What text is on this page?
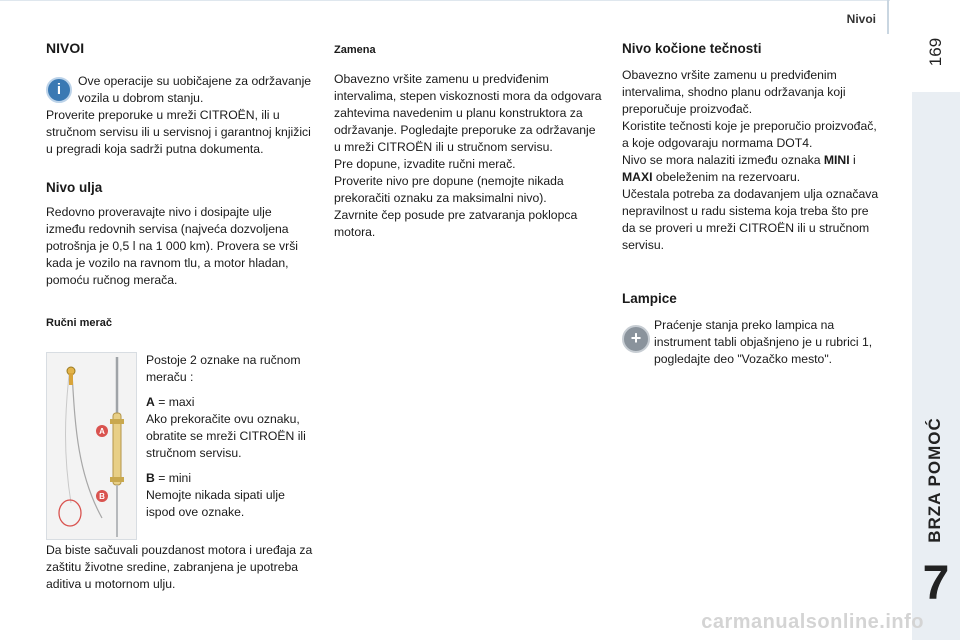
Nivoi
169
BRZA POMOĆ
7
NIVOI
i	Ove operacije su uobičajene za održavanje vozila u dobrom stanju.

Proverite preporuke u mreži CITROËN, ili u stručnom servisu ili u servisnoj i garantnoj knjižici u pregradi koja sadrži putna dokumenta.

Nivo ulja

Redovno proveravajte nivo i dosipajte ulje između redovnih servisa (najveća dozvoljena potrošnja je 0,5 l na 1 000 km). Provera se vrši kada je vozilo na ravnom tlu, a motor hladan, pomoću ručnog merača.

Ručni merač
A
B

Postoje 2 oznake na ručnom meraču :

A = maxi

Ako prekoračite ovu oznaku, obratite se mreži CITROËN ili stručnom servisu.

B = mini

Nemojte nikada sipati ulje ispod ove oznake.

Da biste sačuvali pouzdanost motora i uređaja za zaštitu životne sredine, zabranjena je upotreba aditiva u motornom ulju.

Zamena

Obavezno vršite zamenu u predviđenim intervalima, stepen viskoznosti mora da odgovara zahtevima navedenim u planu konstruktora za održavanje. Pogledajte preporuke za održavanje u mreži CITROËN ili u stručnom servisu.

Pre dopune, izvadite ručni merač.

Proverite nivo pre dopune (nemojte nikada prekoračiti oznaku za maksimalni nivo).

Zavrnite čep posude pre zatvaranja poklopca motora.

Nivo kočione tečnosti

Obavezno vršite zamenu u predviđenim intervalima, shodno planu održavanja koji preporučuje proizvođač.

Koristite tečnosti koje je preporučio proizvođač, a koje odgovaraju normama DOT4.

Nivo se mora nalaziti između oznaka MINI i MAXI obeleženim na rezervoaru.

Učestala potreba za dodavanjem ulja označava nepravilnost u radu sistema koja treba što pre da se proveri u mreži CITROËN ili u stručnom servisu.

Lampice
+

Praćenje stanja preko lampica na instrument tabli objašnjeno je u rubrici 1, pogledajte deo "Vozačko mesto".

carmanualsonline.info
